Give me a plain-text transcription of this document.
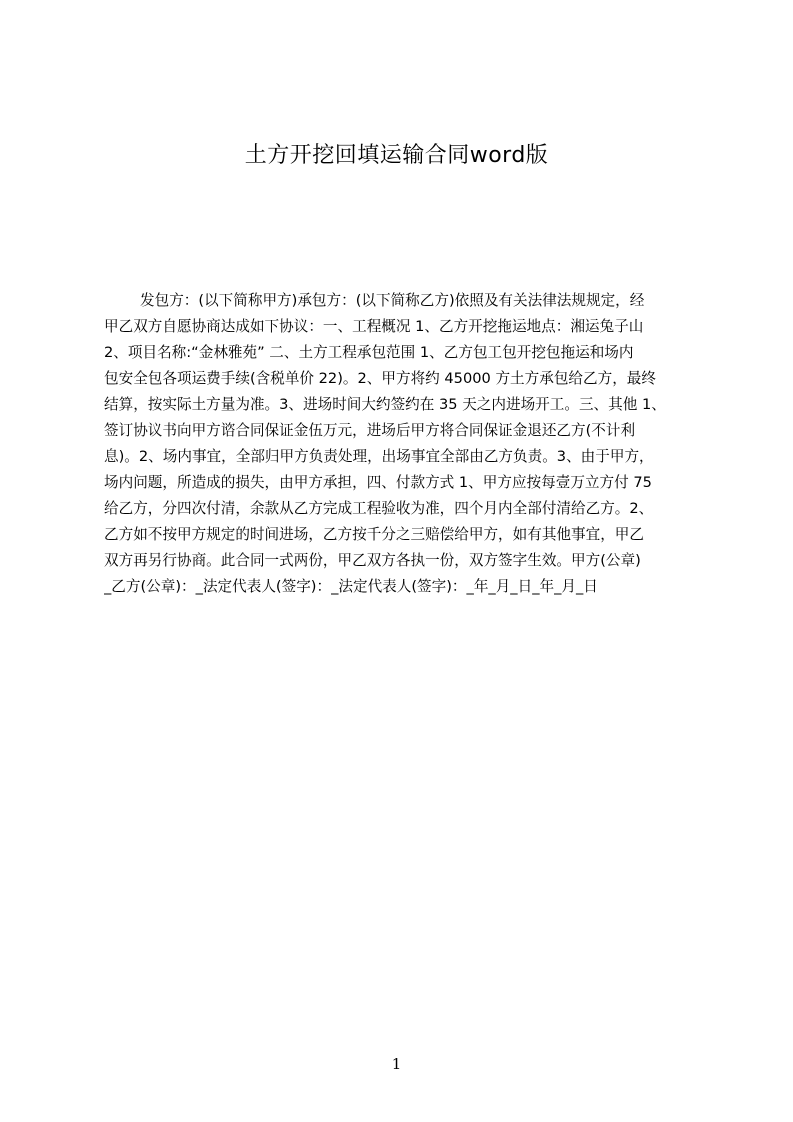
土方开挖回填运输合同word版
发包方：(以下简称甲方)承包方：(以下简称乙方)依照及有关法律法规规定，经
甲乙双方自愿协商达成如下协议：一、工程概况 1、乙方开挖拖运地点：湘运兔子山
2、项目名称:“金林雅苑” 二、土方工程承包范围 1、乙方包工包开挖包拖运和场内
包安全包各项运费手续(含税单价 22)。2、甲方将约 45000 方土方承包给乙方，最终
结算，按实际土方量为准。3、进场时间大约签约在 35 天之内进场开工。三、其他 1、
签订协议书向甲方谘合同保证金伍万元，进场后甲方将合同保证金退还乙方(不计利
息)。2、场内事宜，全部归甲方负责处理，出场事宜全部由乙方负责。3、由于甲方，
场内问题，所造成的损失，由甲方承担，四、付款方式 1、甲方应按每壹万立方付 75
给乙方，分四次付清，余款从乙方完成工程验收为准，四个月内全部付清给乙方。2、
乙方如不按甲方规定的时间进场，乙方按千分之三赔偿给甲方，如有其他事宜，甲乙
双方再另行协商。此合同一式两份，甲乙双方各执一份，双方签字生效。甲方(公章)
_乙方(公章)：_法定代表人(签字)：_法定代表人(签字)：_年_月_日_年_月_日
1
